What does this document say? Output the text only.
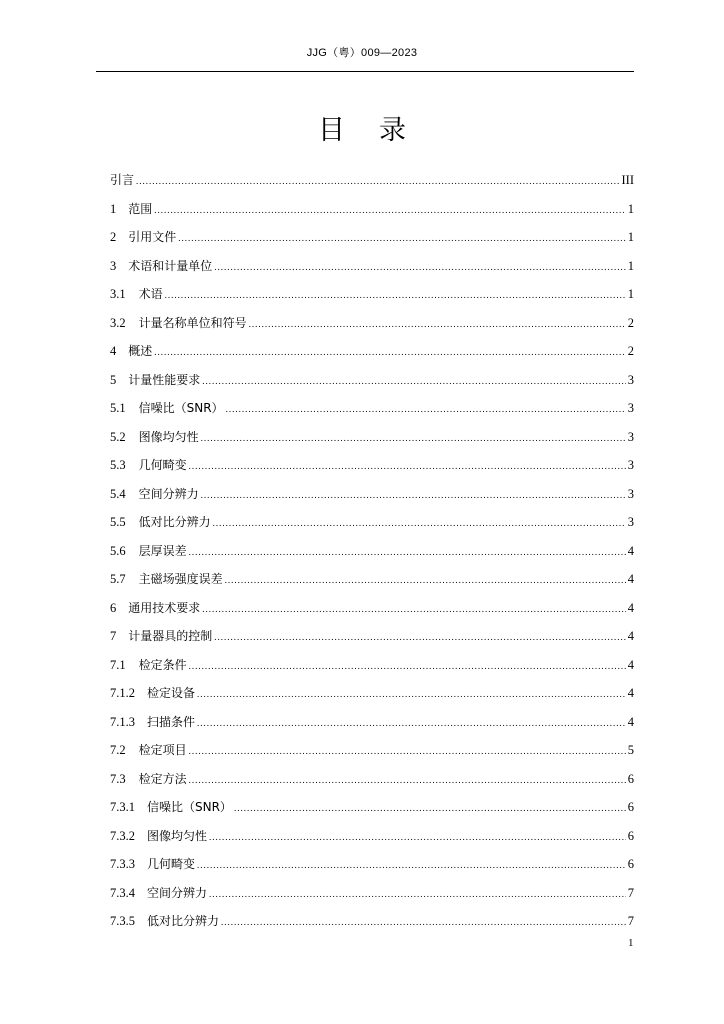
JJG（粤）009—2023
目录
引言 .....	III
1 范围 .....	1
2 引用文件 .....	1
3 术语和计量单位 .....	1
3.1 术语 .....	1
3.2 计量名称单位和符号 .....	2
4 概述 .....	2
5 计量性能要求 .....	3
5.1 信噪比（SNR） .....	3
5.2 图像均匀性 .....	3
5.3 几何畸变 .....	3
5.4 空间分辨力 .....	3
5.5 低对比分辨力 .....	3
5.6 层厚误差 .....	4
5.7 主磁场强度误差 .....	4
6 通用技术要求 .....	4
7 计量器具的控制 .....	4
7.1 检定条件 .....	4
7.1.2 检定设备 .....	4
7.1.3 扫描条件 .....	4
7.2 检定项目 .....	5
7.3 检定方法 .....	6
7.3.1 信噪比（SNR） .....	6
7.3.2 图像均匀性 .....	6
7.3.3 几何畸变 .....	6
7.3.4 空间分辨力 .....	7
7.3.5 低对比分辨力 .....	7
1
